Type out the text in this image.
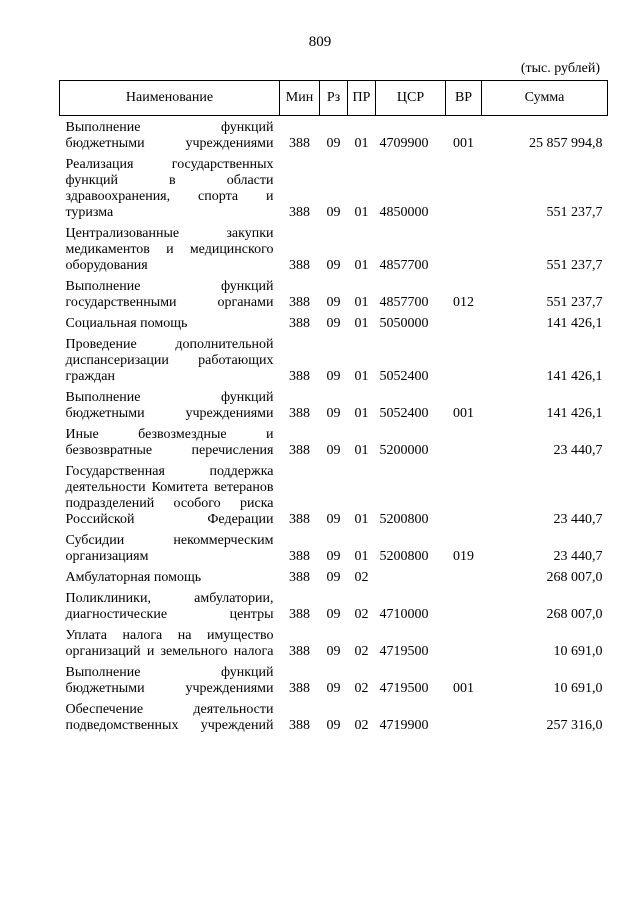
809
(тыс. рублей)
Наименование	Мин	Рз	ПР	ЦСР	ВР	Сумма
Выполнение функций бюджетными учреждениями	388	09	01	4709900	001	25 857 994,8
Реализация государственных функций в области здравоохранения, спорта и туризма	388	09	01	4850000		551 237,7
Централизованные закупки медикаментов и медицинского оборудования	388	09	01	4857700		551 237,7
Выполнение функций государственными органами	388	09	01	4857700	012	551 237,7
Социальная помощь	388	09	01	5050000		141 426,1
Проведение дополнительной диспансеризации работающих граждан	388	09	01	5052400		141 426,1
Выполнение функций бюджетными учреждениями	388	09	01	5052400	001	141 426,1
Иные безвозмездные и безвозвратные перечисления	388	09	01	5200000		23 440,7
Государственная поддержка деятельности Комитета ветеранов подразделений особого риска Российской Федерации	388	09	01	5200800		23 440,7
Субсидии некоммерческим организациям	388	09	01	5200800	019	23 440,7
Амбулаторная помощь	388	09	02			268 007,0
Поликлиники, амбулатории, диагностические центры	388	09	02	4710000		268 007,0
Уплата налога на имущество организаций и земельного налога	388	09	02	4719500		10 691,0
Выполнение функций бюджетными учреждениями	388	09	02	4719500	001	10 691,0
Обеспечение деятельности подведомственных учреждений	388	09	02	4719900		257 316,0
